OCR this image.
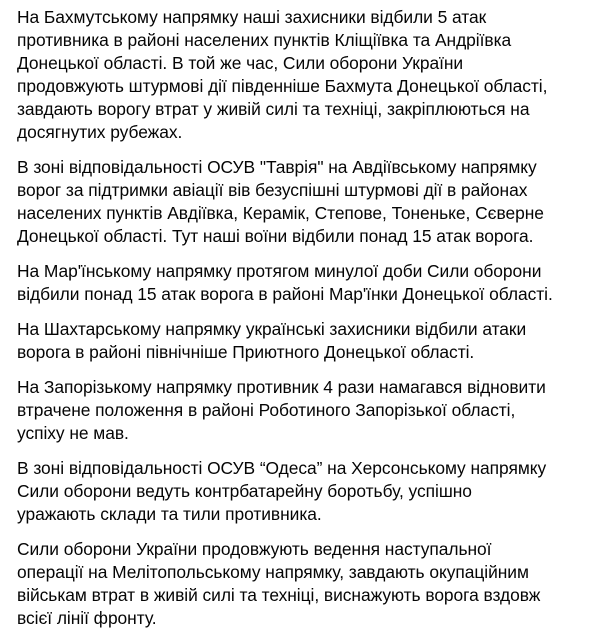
На Бахмутському напрямку наші захисники відбили 5 атак
противника в районі населених пунктів Кліщіївка та Андріївка
Донецької області. В той же час, Сили оборони України
продовжують штурмові дії південніше Бахмута Донецької області,
завдають ворогу втрат у живій силі та техніці, закріплюються на
досягнутих рубежах.

В зоні відповідальності ОСУВ "Таврія" на Авдіївському напрямку
ворог за підтримки авіації вів безуспішні штурмові дії в районах
населених пунктів Авдіївка, Керамік, Степове, Тоненьке, Сєверне
Донецької області. Тут наші воїни відбили понад 15 атак ворога.

На Мар'їнському напрямку протягом минулої доби Сили оборони
відбили понад 15 атак ворога в районі Мар'їнки Донецької області.

На Шахтарському напрямку українські захисники відбили атаки
ворога в районі північніше Приютного Донецької області.

На Запорізькому напрямку противник 4 рази намагався відновити
втрачене положення в районі Роботиного Запорізької області,
успіху не мав.

В зоні відповідальності ОСУВ “Одеса” на Херсонському напрямку
Сили оборони ведуть контрбатарейну боротьбу, успішно
уражають склади та тили противника.

Сили оборони України продовжують ведення наступальної
операції на Мелітопольському напрямку, завдають окупаційним
військам втрат в живій силі та техніці, виснажують ворога вздовж
всієї лінії фронту.
